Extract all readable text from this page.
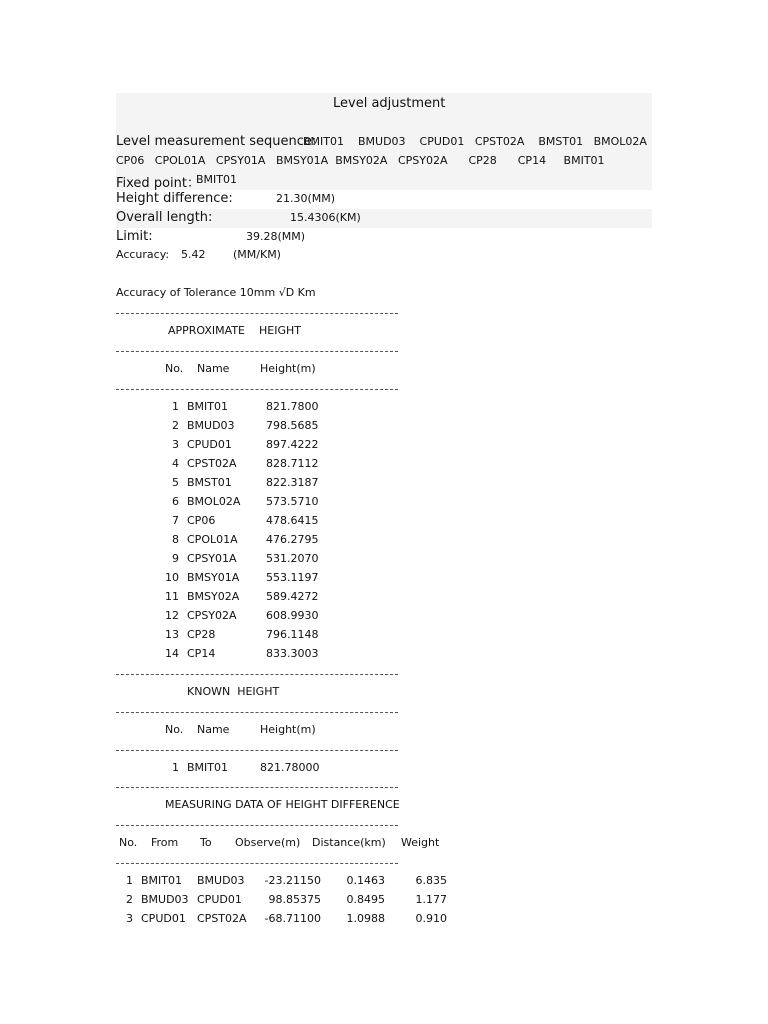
Level adjustment
Level measurement sequence:
BMIT01    BMUD03    CPUD01   CPST02A    BMST01   BMOL02A
CP06   CPOL01A   CPSY01A   BMSY01A  BMSY02A   CPSY02A      CP28      CP14     BMIT01
Fixed point：
BMIT01
Height difference:	21.30(MM)
Overall length:	15.4306(KM)
Limit:	39.28(MM)
Accuracy: 5.42	(MM/KM)
Accuracy of Tolerance 10mm √D Km
APPROXIMATE    HEIGHT
No. Name	Height(m)
1 BMIT01	821.7800
2 BMUD03	798.5685
3 CPUD01	897.4222
4 CPST02A	828.7112
5 BMST01	822.3187
6 BMOL02A 573.5710
7 CP06	478.6415
8 CPOL01A	476.2795
9 CPSY01A	531.2070
10 BMSY01A 553.1197
11 BMSY02A 589.4272
12 CPSY02A	608.9930
13 CP28	796.1148
14 CP14	833.3003
KNOWN  HEIGHT
No. Name	Height(m)
1 BMIT01	821.78000
MEASURING DATA OF HEIGHT DIFFERENCE
No. From To Observe(m) Distance(km) Weight
1 BMIT01 BMUD03 -23.21150 0.1463	6.835
2 BMUD03 CPUD01 98.85375 0.8495	1.177
3 CPUD01 CPST02A -68.71100 1.0988	0.910
